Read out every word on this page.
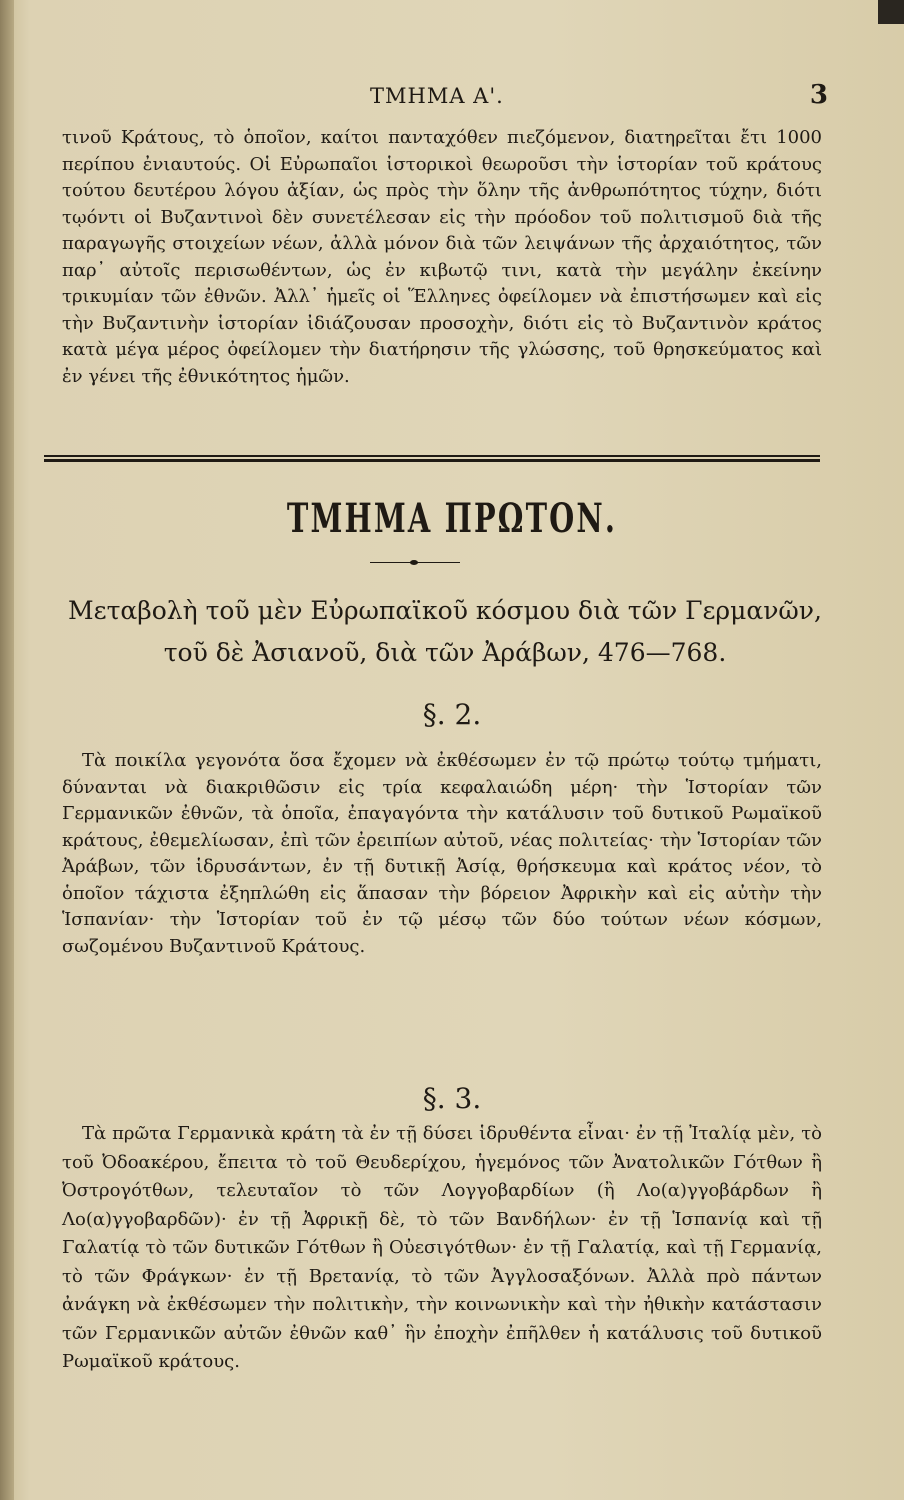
ΤΜΗΜΑ Α'.	3

τινοῦ Κράτους, τὸ ὁποῖον, καίτοι πανταχόθεν πιεζόμενον, διατηρεῖται ἔτι 1000 περίπου ἐνιαυτούς. Οἱ Εὐρωπαῖοι ἱστορικοὶ θεωροῦσι τὴν ἱστορίαν τοῦ κράτους τούτου δευτέρου λόγου ἀξίαν, ὡς πρὸς τὴν ὅλην τῆς ἀνθρωπότητος τύχην, διότι τῳόντι οἱ Βυζαντινοὶ δὲν συνετέλεσαν εἰς τὴν πρόοδον τοῦ πολιτισμοῦ διὰ τῆς παραγωγῆς στοιχείων νέων, ἀλλὰ μόνον διὰ τῶν λειψάνων τῆς ἀρχαιότητος, τῶν παρ᾽ αὐτοῖς περισωθέντων, ὡς ἐν κιβωτῷ τινι, κατὰ τὴν μεγάλην ἐκείνην τρικυμίαν τῶν ἐθνῶν. Ἀλλ᾽ ἡμεῖς οἱ Ἕλληνες ὀφείλομεν νὰ ἐπιστήσωμεν καὶ εἰς τὴν Βυζαντινὴν ἱστορίαν ἰδιάζουσαν προσοχὴν, διότι εἰς τὸ Βυζαντινὸν κράτος κατὰ μέγα μέρος ὀφείλομεν τὴν διατήρησιν τῆς γλώσσης, τοῦ θρησκεύματος καὶ ἐν γένει τῆς ἐθνικότητος ἡμῶν.

ΤΜΗΜΑ ΠΡΩΤΟΝ.

Μεταβολὴ τοῦ μὲν Εὐρωπαϊκοῦ κόσμου διὰ τῶν Γερμανῶν, τοῦ δὲ Ἀσιανοῦ, διὰ τῶν Ἀράβων, 476—768.

§. 2.

Τὰ ποικίλα γεγονότα ὅσα ἔχομεν νὰ ἐκθέσωμεν ἐν τῷ πρώτῳ τούτῳ τμήματι, δύνανται νὰ διακριθῶσιν εἰς τρία κεφαλαιώδη μέρη· τὴν Ἱστορίαν τῶν Γερμανικῶν ἐθνῶν, τὰ ὁποῖα, ἐπαγαγόντα τὴν κατάλυσιν τοῦ δυτικοῦ Ρωμαϊκοῦ κράτους, ἐθεμελίωσαν, ἐπὶ τῶν ἐρειπίων αὐτοῦ, νέας πολιτείας· τὴν Ἱστορίαν τῶν Ἀράβων, τῶν ἱδρυσάντων, ἐν τῇ δυτικῇ Ἀσίᾳ, θρήσκευμα καὶ κράτος νέον, τὸ ὁποῖον τάχιστα ἐξηπλώθη εἰς ἅπασαν τὴν βόρειον Ἀφρικὴν καὶ εἰς αὐτὴν τὴν Ἱσπανίαν· τὴν Ἱστορίαν τοῦ ἐν τῷ μέσῳ τῶν δύο τούτων νέων κόσμων, σωζομένου Βυζαντινοῦ Κράτους.

§. 3.

Τὰ πρῶτα Γερμανικὰ κράτη τὰ ἐν τῇ δύσει ἱδρυθέντα εἶναι· ἐν τῇ Ἰταλίᾳ μὲν, τὸ τοῦ Ὀδοακέρου, ἔπειτα τὸ τοῦ Θευδερίχου, ἡγεμόνος τῶν Ἀνατολικῶν Γότθων ἢ Ὀστρογότθων, τελευταῖον τὸ τῶν Λογγοβαρδίων (ἢ Λο(α)γγοβάρδων ἢ Λο(α)γγοβαρδῶν)· ἐν τῇ Ἀφρικῇ δὲ, τὸ τῶν Βανδήλων· ἐν τῇ Ἱσπανίᾳ καὶ τῇ Γαλατίᾳ τὸ τῶν δυτικῶν Γότθων ἢ Οὐεσιγότθων· ἐν τῇ Γαλατίᾳ, καὶ τῇ Γερμανίᾳ, τὸ τῶν Φράγκων· ἐν τῇ Βρετανίᾳ, τὸ τῶν Ἀγγλοσαξόνων. Ἀλλὰ πρὸ πάντων ἀνάγκη νὰ ἐκθέσωμεν τὴν πολιτικὴν, τὴν κοινωνικὴν καὶ τὴν ἠθικὴν κατάστασιν τῶν Γερμανικῶν αὐτῶν ἐθνῶν καθ᾽ ἣν ἐποχὴν ἐπῆλθεν ἡ κατάλυσις τοῦ δυτικοῦ Ρωμαϊκοῦ κράτους.
